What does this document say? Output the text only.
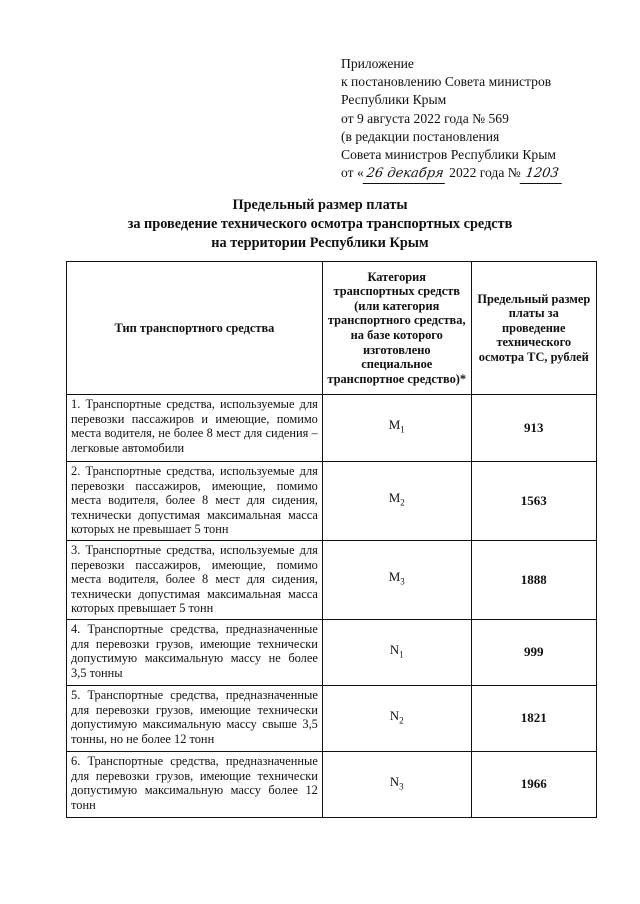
Приложение
к постановлению Совета министров
Республики Крым
от 9 августа 2022 года № 569
(в редакции постановления
Совета министров Республики Крым
от « 26 декабря 2022 года № 1203
Предельный размер платы
за проведение технического осмотра транспортных средств
на территории Республики Крым
Тип транспортного средства	Категория транспортных средств (или категория транспортного средства, на базе которого изготовлено специальное транспортное средство)*	Предельный размер платы за проведение технического осмотра ТС, рублей
1. Транспортные средства, используемые для перевозки пассажиров и имеющие, помимо места водителя, не более 8 мест для сидения – легковые автомобили	$M_1$	913
2. Транспортные средства, используемые для перевозки пассажиров, имеющие, помимо места водителя, более 8 мест для сидения, технически допустимая максимальная масса которых не превышает 5 тонн	$M_2$	1563
3. Транспортные средства, используемые для перевозки пассажиров, имеющие, помимо места водителя, более 8 мест для сидения, технически допустимая максимальная масса которых превышает 5 тонн	$M_3$	1888
4. Транспортные средства, предназначенные для перевозки грузов, имеющие технически допустимую максимальную массу не более 3,5 тонны	$N_1$	999
5. Транспортные средства, предназначенные для перевозки грузов, имеющие технически допустимую максимальную массу свыше 3,5 тонны, но не более 12 тонн	$N_2$	1821
6. Транспортные средства, предназначенные для перевозки грузов, имеющие технически допустимую максимальную массу более 12 тонн	$N_3$	1966
